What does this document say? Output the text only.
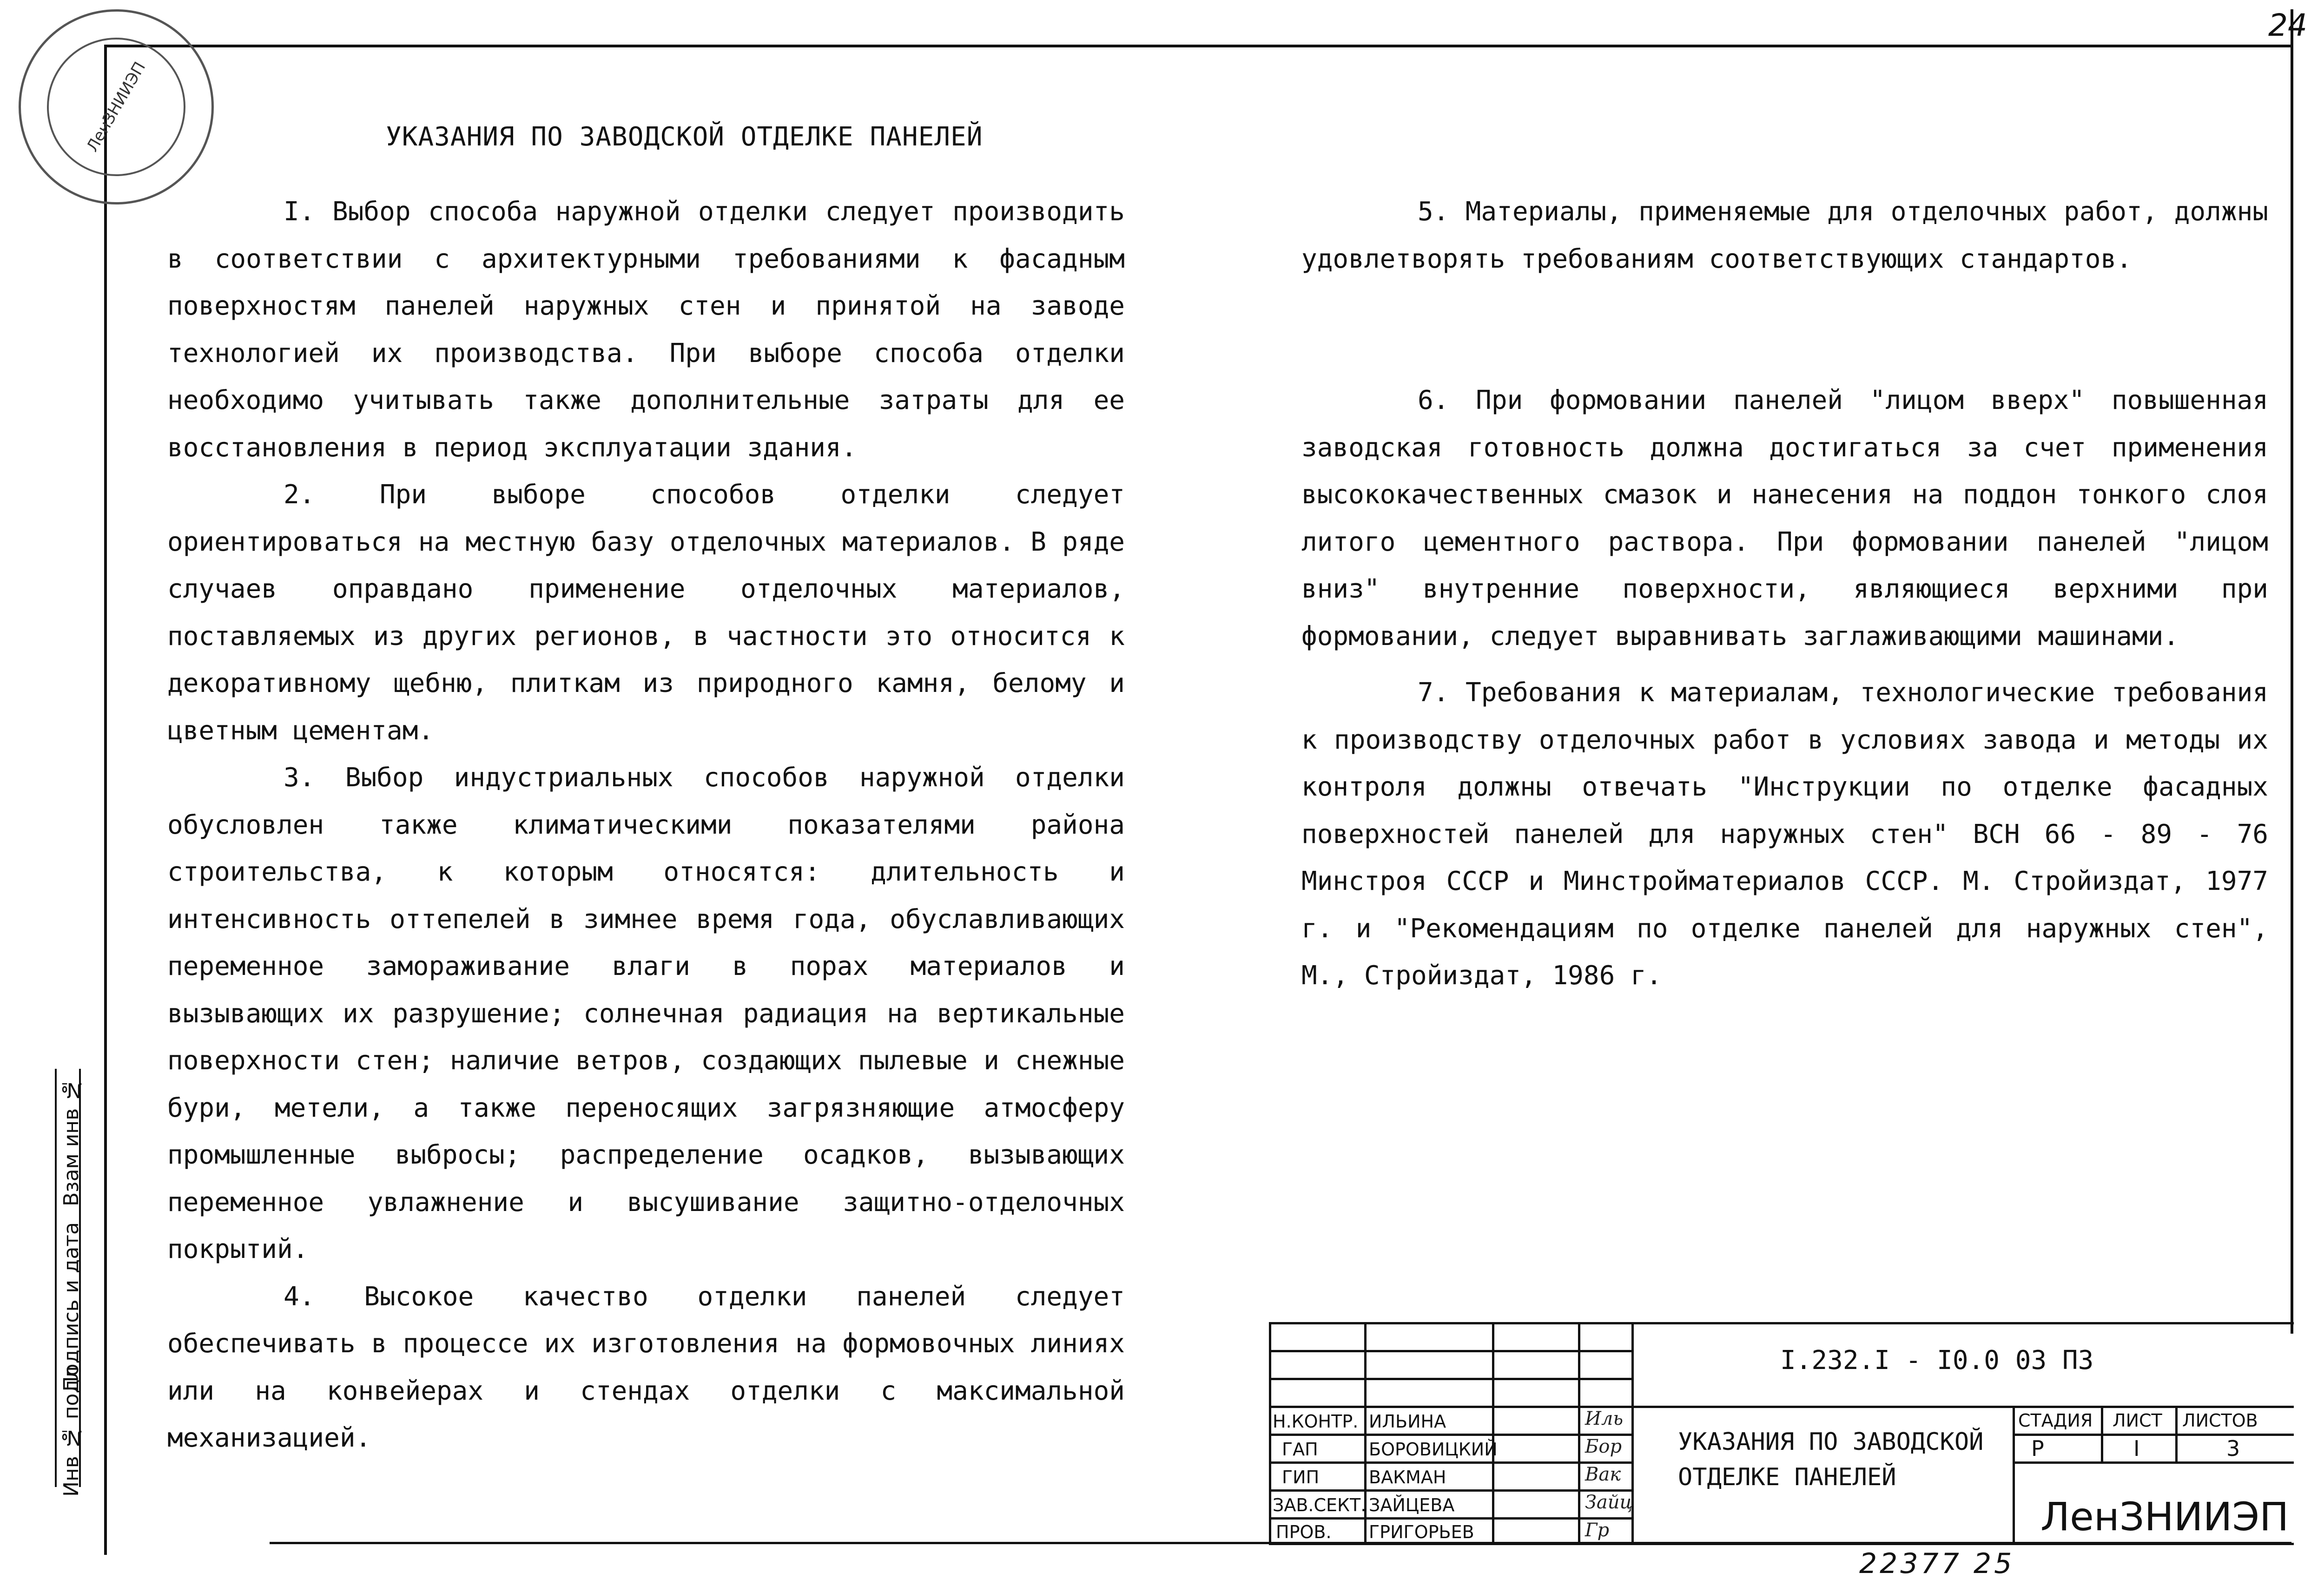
24
ЛенЗНИИЭП
Взам инв №
Подпись и дата
Инв № подл
УКАЗАНИЯ ПО ЗАВОДСКОЙ ОТДЕЛКЕ ПАНЕЛЕЙ

I. Выбор способа наружной отделки следует производить в соответствии с архитектурными требованиями к фасадным поверхностям панелей наружных стен и принятой на заводе технологией их производства. При выборе способа отделки необходимо учитывать также дополнительные затраты для ее восстановления в период эксплуатации здания.

2. При выборе способов отделки следует ориентироваться на местную базу отделочных материалов. В ряде случаев оправдано применение отделочных материалов, поставляемых из других регионов, в частности это относится к декоративному щебню, плиткам из природного камня, белому и цветным цементам.

3. Выбор индустриальных способов наружной отделки обусловлен также климатическими показателями района строительства, к которым относятся: длительность и интенсивность оттепелей в зимнее время года, обуславливающих переменное замораживание влаги в порах материалов и вызывающих их разрушение; солнечная радиация на вертикальные поверхности стен; наличие ветров, создающих пылевые и снежные бури, метели, а также переносящих загрязняющие атмосферу промышленные выбросы; распределение осадков, вызывающих переменное увлажнение и высушивание защитно-отделочных покрытий.

4. Высокое качество отделки панелей следует обеспечивать в процессе их изготовления на формовочных линиях или на конвейерах и стендах отделки с максимальной механизацией.

5. Материалы, применяемые для отделочных работ, должны удовлетворять требованиям соответствующих стандартов.

6. При формовании панелей "лицом вверх" повышенная заводская готовность должна достигаться за счет применения высококачественных смазок и нанесения на поддон тонкого слоя литого цементного раствора. При формовании панелей "лицом вниз" внутренние поверхности, являющиеся верхними при формовании, следует выравнивать заглаживающими машинами.

7. Требования к материалам, технологические требования к производству отделочных работ в условиях завода и методы их контроля должны отвечать "Инструкции по отделке фасадных поверхностей панелей для наружных стен" ВСН 66 - 89 - 76 Минстроя СССР и Минстройматериалов СССР. М. Стройиздат, 1977 г. и "Рекомендациям по отделке панелей для наружных стен", М., Стройиздат, 1986 г.

I.232.I - I0.0 03 ПЗ
УКАЗАНИЯ ПО ЗАВОДСКОЙ
ОТДЕЛКЕ ПАНЕЛЕЙ
СТАДИЯ ЛИСТ ЛИСТОВ
Р	I	3
ЛенЗНИИЭП
Н.КОНТР. ИЛЬИНА	Иль
ГАП	БОРОВИЦКИЙ	Бор
ГИП	ВАКМАН	Вак
ЗАВ.СЕКТ. ЗАЙЦЕВА	Зайц
ПРОВ. ГРИГОРЬЕВ	Гр
22377 25
